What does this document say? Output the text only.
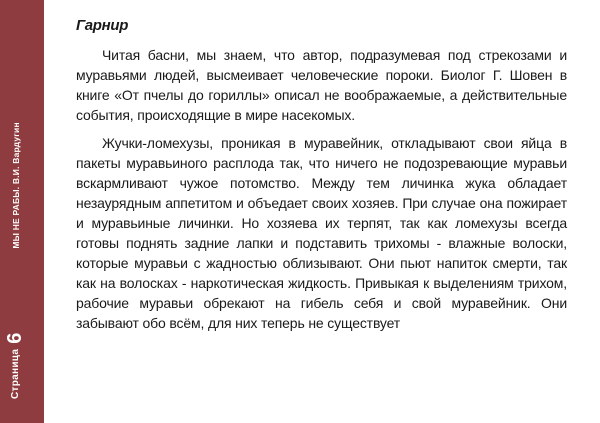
Страница
6
МЫ НЕ РАБЫ. В.И. Вардугин
Гарнир

Читая басни, мы знаем, что автор, подразумевая под стрекозами и муравьями людей, высмеивает человеческие пороки. Биолог Г. Шовен в книге «От пчелы до гориллы» описал не воображаемые, а действительные события, происходящие в мире насекомых.

Жучки-ломехузы, проникая в муравейник, откладывают свои яйца в пакеты муравьиного расплода так, что ничего не подозревающие муравьи вскармливают чужое потомство. Между тем личинка жука обладает незаурядным аппетитом и объедает своих хозяев. При случае она пожирает и муравьиные личинки. Но хозяева их терпят, так как ломехузы всегда готовы поднять задние лапки и подставить трихомы - влажные волоски, которые муравьи с жадностью облизывают. Они пьют напиток смерти, так как на волосках - наркотическая жидкость. Привыкая к выделениям трихом, рабочие муравьи обрекают на гибель себя и свой муравейник. Они забывают обо всём, для них теперь не существует
